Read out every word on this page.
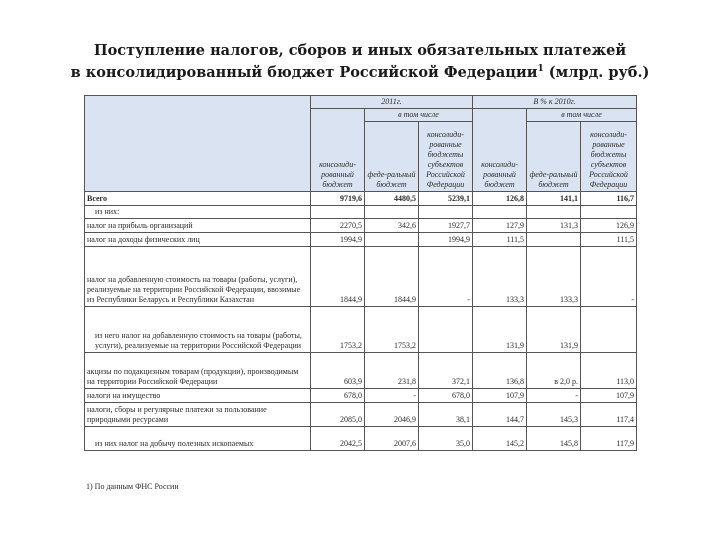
Поступление налогов, сборов и иных обязательных платежей
в консолидированный бюджет Российской Федерации$^1$ (млрд. руб.)
	2011г.			В % к 2010г.		
	консолиди-рованный бюджет	в том числе		консолиди-рованный бюджет	в том числе	
		феде-ральный бюджет	консолиди-рованные бюджеты субъектов Российской Федерации		феде-ральный бюджет	консолиди-рованные бюджеты субъектов Российской Федерации
Всего	9719,6	4480,5	5239,1	126,8	141,1	116,7
из них:						
налог на прибыль организаций	2270,5	342,6	1927,7	127,9	131,3	126,9
налог на доходы физических лиц	1994,9		1994,9	111,5		111,5
налог на добавленную стоимость на товары (работы, услуги), реализуемые на территории Российской Федерации, ввозимые из Республики Беларусь и Республики Казахстан	1844,9	1844,9	-	133,3	133,3	-
из него налог на добавленную стоимость на товары (работы, услуги), реализуемые на территории Российской Федерации	1753,2	1753,2		131,9	131,9	
акцизы по подакцизным товарам (продукции), производимым на территории Российской Федерации	603,9	231,8	372,1	136,8	в 2,0 р.	113,0
налоги на имущество	678,0	-	678,0	107,9	-	107,9
налоги, сборы и регулярные платежи за пользование природными ресурсами	2085,0	2046,9	38,1	144,7	145,3	117,4
из них налог на добычу полезных ископаемых	2042,5	2007,6	35,0	145,2	145,8	117,9
1) По данным ФНС России
